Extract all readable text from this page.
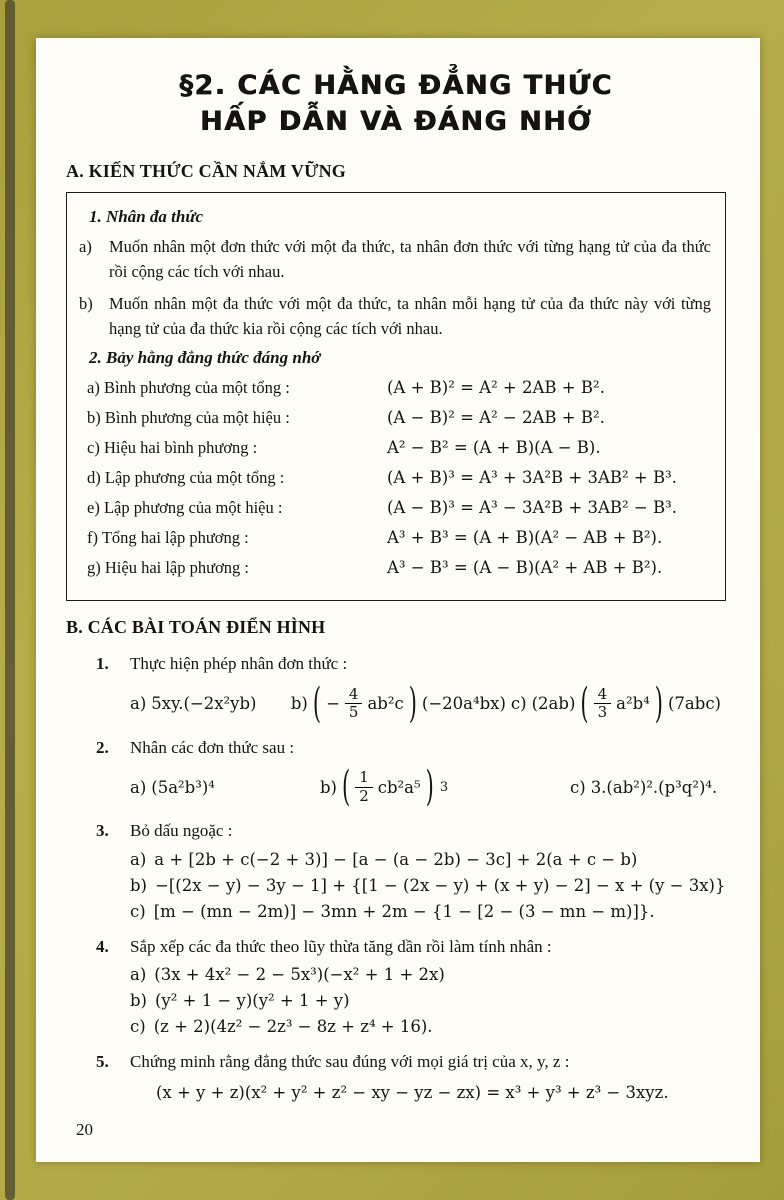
§2. CÁC HẰNG ĐẲNG THỨC
HẤP DẪN VÀ ĐÁNG NHỚ
A. KIẾN THỨC CẦN NẮM VỮNG
1. Nhân đa thức
a)	Muốn nhân một đơn thức với một đa thức, ta nhân đơn thức với từng hạng tử của đa thức rồi cộng các tích với nhau.
b) Muốn nhân một đa thức với một đa thức, ta nhân mỗi hạng tử của đa thức này với từng hạng tử của đa thức kia rồi cộng các tích với nhau.
2. Bảy hằng đẳng thức đáng nhớ
a) Bình phương của một tổng :	(A + B)² = A² + 2AB + B².
b) Bình phương của một hiệu :	(A − B)² = A² − 2AB + B².
c) Hiệu hai bình phương :	A² − B² = (A + B)(A − B).
d) Lập phương của một tổng :	(A + B)³ = A³ + 3A²B + 3AB² + B³.
e) Lập phương của một hiệu :	(A − B)³ = A³ − 3A²B + 3AB² − B³.
f) Tổng hai lập phương :	A³ + B³ = (A + B)(A² − AB + B²).
g) Hiệu hai lập phương :	A³ − B³ = (A − B)(A² + AB + B²).
B. CÁC BÀI TOÁN ĐIỂN HÌNH
1.	Thực hiện phép nhân đơn thức :
a) 5xy.(−2x²yb) b) ( − $\frac{4}{5} ab^2c$ ) (−20a⁴bx) c) (2ab) ( $\frac{4}{3} a^2b^4$ ) (7abc)
2.	Nhân các đơn thức sau :
a) (5a²b³)⁴	b) ( $\frac{1}{2} cb^2a^5$ ) 3	c) 3.(ab²)².(p³q²)⁴.
3.	Bỏ dấu ngoặc :
a) a + [2b + c(−2 + 3)] − [a − (a − 2b) − 3c] + 2(a + c − b)
b) −[(2x − y) − 3y − 1] + {[1 − (2x − y) + (x + y) − 2] − x + (y − 3x)}
c) [m − (mn − 2m)] − 3mn + 2m − {1 − [2 − (3 − mn − m)]}.
4.	Sắp xếp các đa thức theo lũy thừa tăng dần rồi làm tính nhân :
a) (3x + 4x² − 2 − 5x³)(−x² + 1 + 2x)
b) (y² + 1 − y)(y² + 1 + y)
c) (z + 2)(4z² − 2z³ − 8z + z⁴ + 16).
5.	Chứng minh rằng đẳng thức sau đúng với mọi giá trị của x, y, z :
(x + y + z)(x² + y² + z² − xy − yz − zx) = x³ + y³ + z³ − 3xyz.
20
